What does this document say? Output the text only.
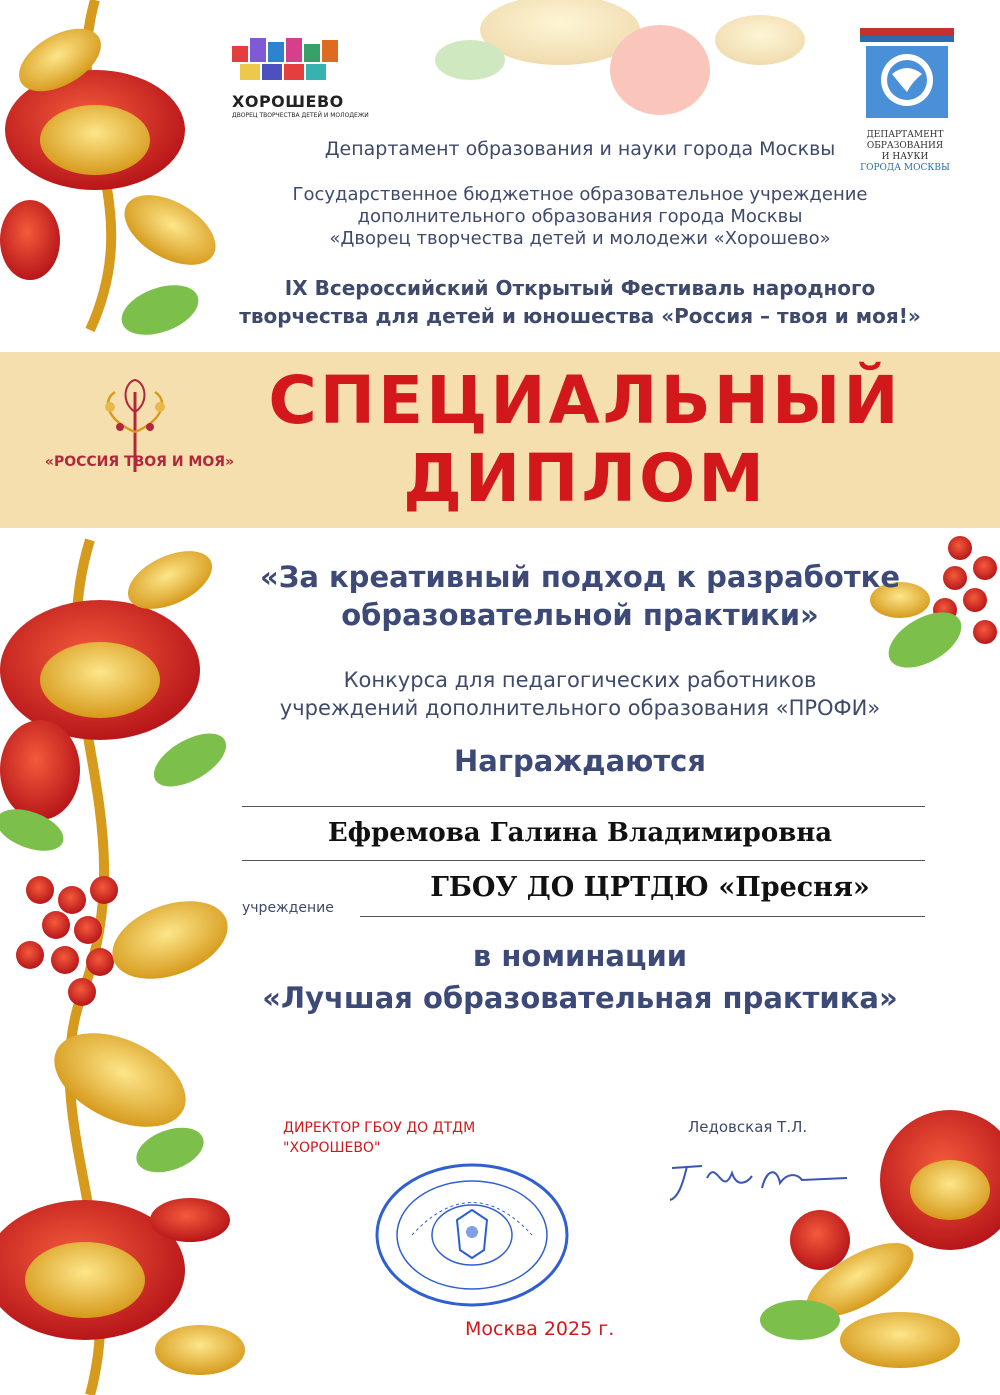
ХОРОШЕВО
ДВОРЕЦ ТВОРЧЕСТВА ДЕТЕЙ И МОЛОДЕЖИ
ДЕПАРТАМЕНТ
ОБРАЗОВАНИЯ
И НАУКИ
ГОРОДА МОСКВЫ
Департамент образования и науки города Москвы
Государственное бюджетное образовательное учреждение
дополнительного образования города Москвы
«Дворец творчества детей и молодежи «Хорошево»
IX Всероссийский Открытый Фестиваль народного
творчества для детей и юношества «Россия – твоя и моя!»
«РОССИЯ ТВОЯ И МОЯ»
СПЕЦИАЛЬНЫЙ
ДИПЛОМ
«За креативный подход к разработке
образовательной практики»
Конкурса для педагогических работников
учреждений дополнительного образования «ПРОФИ»
Награждаются
Ефремова Галина Владимировна
учреждение
ГБОУ ДО ЦРТДЮ «Пресня»
в номинации
«Лучшая образовательная практика»
ДИРЕКТОР ГБОУ ДО ДТДМ
"ХОРОШЕВО"
Ледовская Т.Л.
Москва 2025 г.
